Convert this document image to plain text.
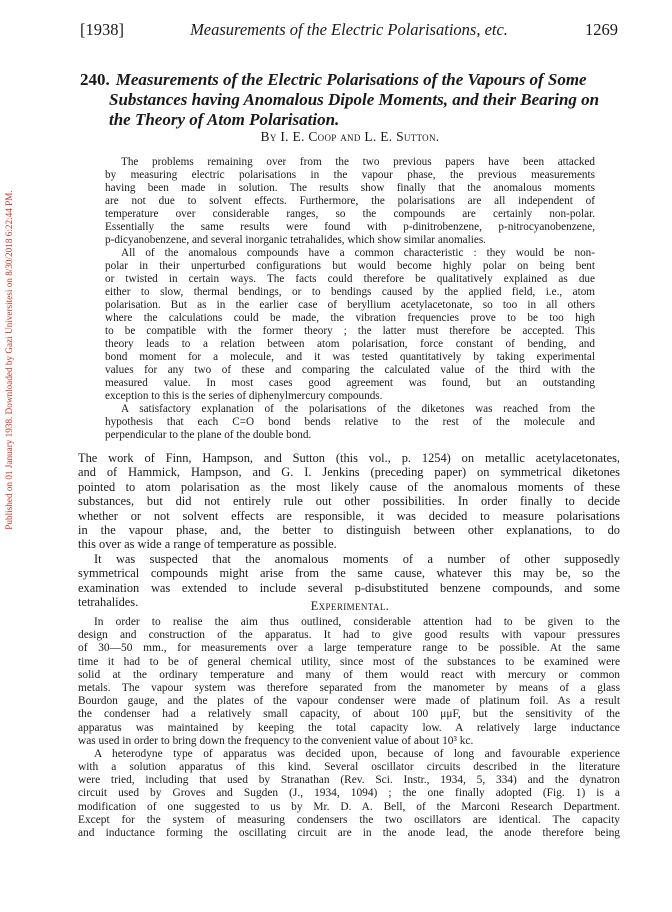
Published on 01 January 1938. Downloaded by Gazi Universitesi on 8/30/2018 6:22:44 PM.
[1938]	Measurements of the Electric Polarisations, etc.	1269
240. Measurements of the Electric Polarisations of the Vapours of Some
Substances having Anomalous Dipole Moments, and their Bearing on
the Theory of Atom Polarisation.
By I. E. Coop and L. E. Sutton.
The problems remaining over from the two previous papers have been attacked
by measuring electric polarisations in the vapour phase, the previous measurements
having been made in solution. The results show finally that the anomalous moments
are not due to solvent effects. Furthermore, the polarisations are all independent of
temperature over considerable ranges, so the compounds are certainly non-polar.
Essentially the same results were found with p-dinitrobenzene, p-nitrocyanobenzene,
p-dicyanobenzene, and several inorganic tetrahalides, which show similar anomalies.
All of the anomalous compounds have a common characteristic : they would be non-
polar in their unperturbed configurations but would become highly polar on being bent
or twisted in certain ways. The facts could therefore be qualitatively explained as due
either to slow, thermal bendings, or to bendings caused by the applied field, i.e., atom
polarisation. But as in the earlier case of beryllium acetylacetonate, so too in all others
where the calculations could be made, the vibration frequencies prove to be too high
to be compatible with the former theory ; the latter must therefore be accepted. This
theory leads to a relation between atom polarisation, force constant of bending, and
bond moment for a molecule, and it was tested quantitatively by taking experimental
values for any two of these and comparing the calculated value of the third with the
measured value. In most cases good agreement was found, but an outstanding
exception to this is the series of diphenylmercury compounds.
A satisfactory explanation of the polarisations of the diketones was reached from the
hypothesis that each C=O bond bends relative to the rest of the molecule and
perpendicular to the plane of the double bond.
The work of Finn, Hampson, and Sutton (this vol., p. 1254) on metallic acetylacetonates,
and of Hammick, Hampson, and G. I. Jenkins (preceding paper) on symmetrical diketones
pointed to atom polarisation as the most likely cause of the anomalous moments of these
substances, but did not entirely rule out other possibilities. In order finally to decide
whether or not solvent effects are responsible, it was decided to measure polarisations
in the vapour phase, and, the better to distinguish between other explanations, to do
this over as wide a range of temperature as possible.
It was suspected that the anomalous moments of a number of other supposedly
symmetrical compounds might arise from the same cause, whatever this may be, so the
examination was extended to include several p-disubstituted benzene compounds, and some
tetrahalides.	Experimental.
In order to realise the aim thus outlined, considerable attention had to be given to the
design and construction of the apparatus. It had to give good results with vapour pressures
of 30—50 mm., for measurements over a large temperature range to be possible. At the same
time it had to be of general chemical utility, since most of the substances to be examined were
solid at the ordinary temperature and many of them would react with mercury or common
metals. The vapour system was therefore separated from the manometer by means of a glass
Bourdon gauge, and the plates of the vapour condenser were made of platinum foil. As a result
the condenser had a relatively small capacity, of about 100 μμF, but the sensitivity of the
apparatus was maintained by keeping the total capacity low. A relatively large inductance
was used in order to bring down the frequency to the convenient value of about 10³ kc.
A heterodyne type of apparatus was decided upon, because of long and favourable experience
with a solution apparatus of this kind. Several oscillator circuits described in the literature
were tried, including that used by Stranathan (Rev. Sci. Instr., 1934, 5, 334) and the dynatron
circuit used by Groves and Sugden (J., 1934, 1094) ; the one finally adopted (Fig. 1) is a
modification of one suggested to us by Mr. D. A. Bell, of the Marconi Research Department.
Except for the system of measuring condensers the two oscillators are identical. The capacity
and inductance forming the oscillating circuit are in the anode lead, the anode therefore being
